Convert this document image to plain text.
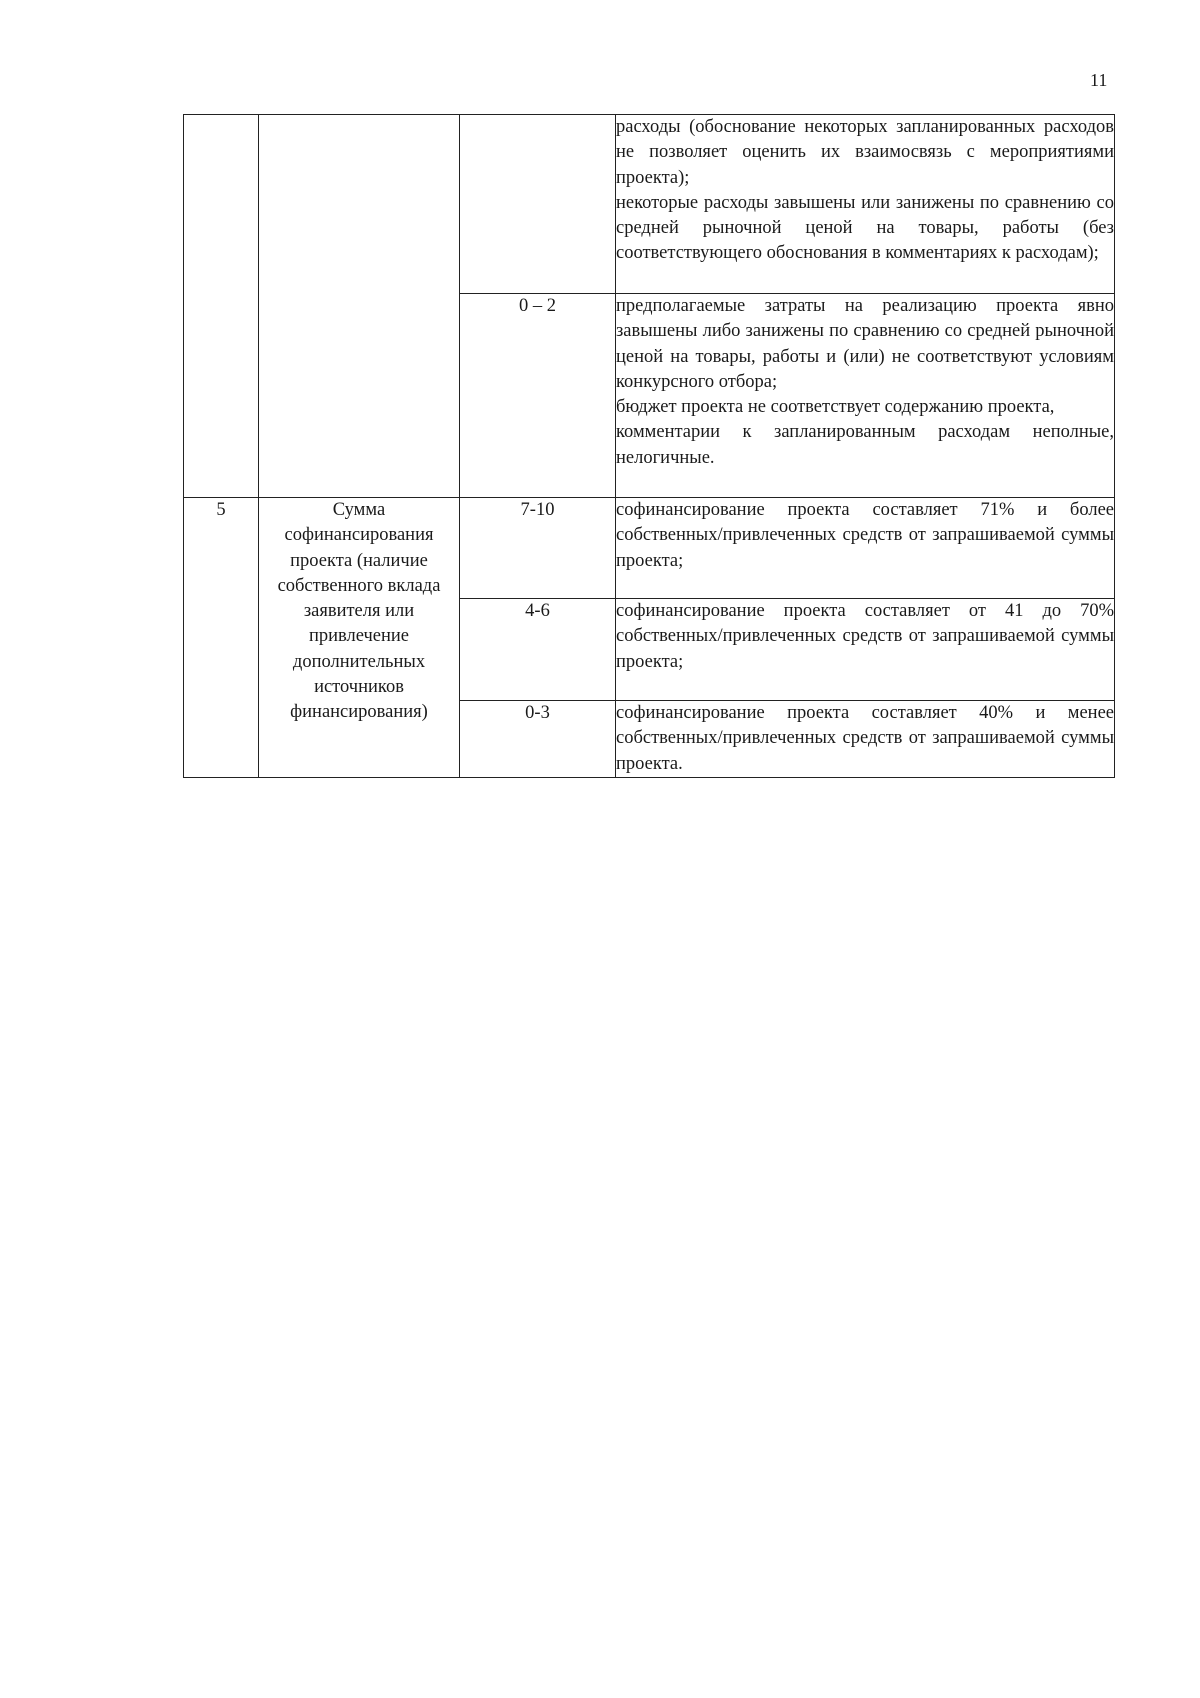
11

			расходы (обоснование некоторых запланированных расходов не позволяет оценить их взаимосвязь с мероприятиями проекта);
некоторые расходы завышены или занижены по сравнению со средней рыночной ценой на товары, работы (без соответствующего обоснования в комментариях к расходам);

		0 – 2	предполагаемые затраты на реализацию проекта явно завышены либо занижены по сравнению со средней рыночной ценой на товары, работы и (или) не соответствуют условиям конкурсного отбора;
бюджет проекта не соответствует содержанию проекта,
комментарии к запланированным расходам неполные, нелогичные.

5	Сумма софинансирования проекта (наличие собственного вклада заявителя или привлечение дополнительных источников финансирования)	7-10	софинансирование проекта составляет 71% и более собственных/привлеченных средств от запрашиваемой суммы проекта;
		4-6	софинансирование проекта составляет от 41 до 70% собственных/привлеченных средств от запрашиваемой суммы проекта;
		0-3	софинансирование проекта составляет 40% и менее собственных/привлеченных средств от запрашиваемой суммы проекта.
